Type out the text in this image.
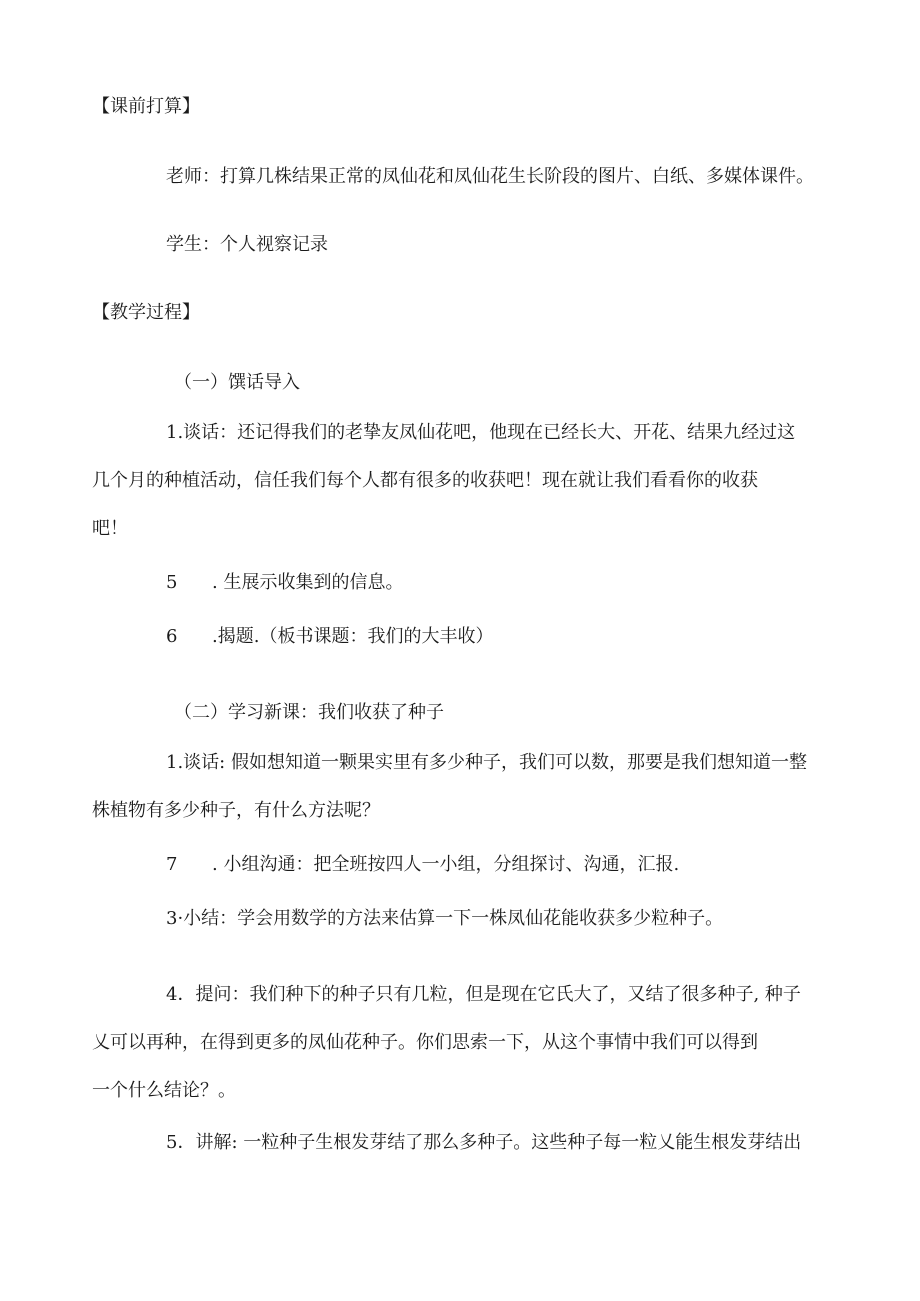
【课前打算】
老师：打算几株结果正常的凤仙花和凤仙花生长阶段的图片、白纸、多媒体课件。
学生：个人视察记录
【教学过程】
（一）馔话导入
1.谈话：还记得我们的老挚友凤仙花吧，他现在已经长大、开花、结果九经过这
几个月的种植活动，信任我们每个人都有很多的收获吧！现在就让我们看看你的收获
吧！
5 . 生展示收集到的信息。
6 .揭题.（板书课题：我们的大丰收）
（二）学习新课：我们收获了种子
1.谈话: 假如想知道一颗果实里有多少种子，我们可以数，那要是我们想知道一整
株植物有多少种子，有什么方法呢？
7 . 小组沟通：把全班按四人一小组，分组探讨、沟通，汇报.
3·小结：学会用数学的方法来估算一下一株凤仙花能收获多少粒种子。
4．提问：我们种下的种子只有几粒，但是现在它氏大了，又结了很多种子, 种子
乂可以再种，在得到更多的凤仙花种子。你们思索一下，从这个事情中我们可以得到
一个什么结论？。
5．讲解: 一粒种子生根发芽结了那么多种子。这些种子每一粒乂能生根发芽结出
